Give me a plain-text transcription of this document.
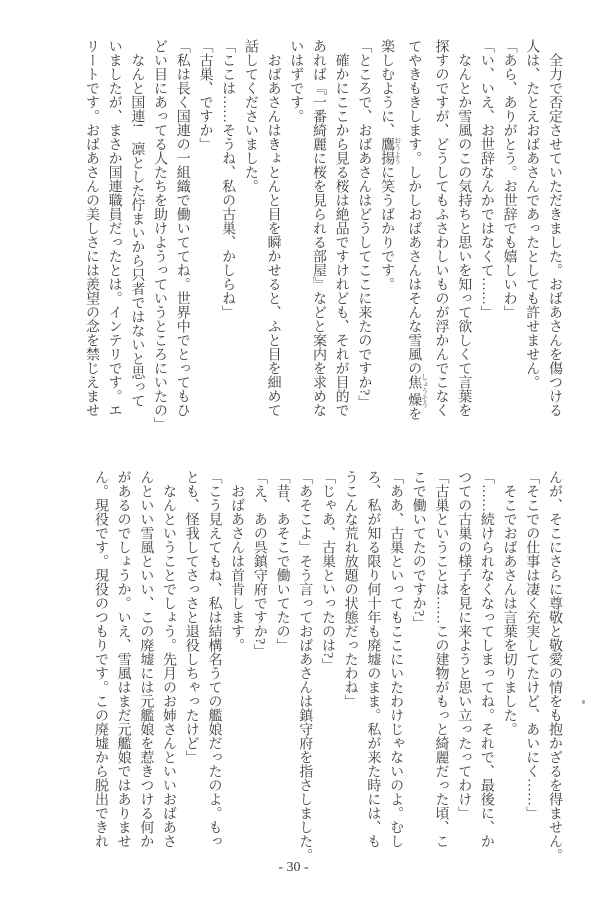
全力で否定させていただきました。おばあさんを傷つける

人は、たとえおばあさんであったとしても許せません。

「あら、ありがとう。お世辞でも嬉しいわ」

「い、いえ、お世辞なんかではなくて……」

なんとか雪風のこの気持ちと思いを知って欲しくて言葉を

探すのですが、どうしてもふさわしいものが浮かんでこなく

てやきもきします。しかしおばあさんはそんな雪風の焦燥 しょうそうを

楽しむように、鷹揚 おうように笑うばかりです。

「ところで、おばあさんはどうしてここに来たのですか?」

確かにここから見る桜は絶品ですけれども、それが目的で

あれば『一番綺麗に桜を見られる部屋』などと案内を求めな

いはずです。

おばあさんはきょとんと目を瞬かせると、ふと目を細めて

話してくださいました。

「ここは……そうね、私の古巣、かしらね」

「古巣、ですか」

「私は長く国連の一組織で働いててね。世界中でとってもひ

どい目にあってる人たちを助けようっていうところにいたの」

なんと国連!　凛とした佇まいから只者ではないと思って

いましたが、まさか国連職員だったとは。インテリです。エ

リートです。おばあさんの美しさには羨望の念を禁じえませ

んが、そこにさらに尊敬と敬愛の情をも抱かざるを得ません。

「そこでの仕事は凄く充実してたけど、あいにく……」

そこでおばあさんは言葉を切りました。

「……続けられなくなってしまってね。それで、最後に、か

つての古巣の様子を見に来ようと思い立ったってわけ」

「古巣ということは……この建物がもっと綺麗だった頃、こ

こで働いてたのですか?」

「ああ、古巣といってもここにいたわけじゃないのよ。むし

ろ、私が知る限り何十年も廃墟のまま。私が来た時には、も

うこんな荒れ放題の状態だったわね」

「じゃあ、古巣といったのは?」

「あそこよ」そう言っておばあさんは鎮守府を指さしました。

「昔、あそこで働いてたの」

「え、あの呉鎮守府ですか?」

おばあさんは首肯します。

「こう見えてもね、私は結構名うての艦娘だったのよ。もっ

とも、怪我してさっさと退役しちゃったけど」

なんということでしょう。先月のお姉さんといいおばあさ

んといい雪風といい、この廃墟には元艦娘を惹きつける何か

があるのでしょうか。いえ、雪風はまだ元艦娘ではありませ

ん。現役です。現役のつもりです。この廃墟から脱出できれ

- 30 -
